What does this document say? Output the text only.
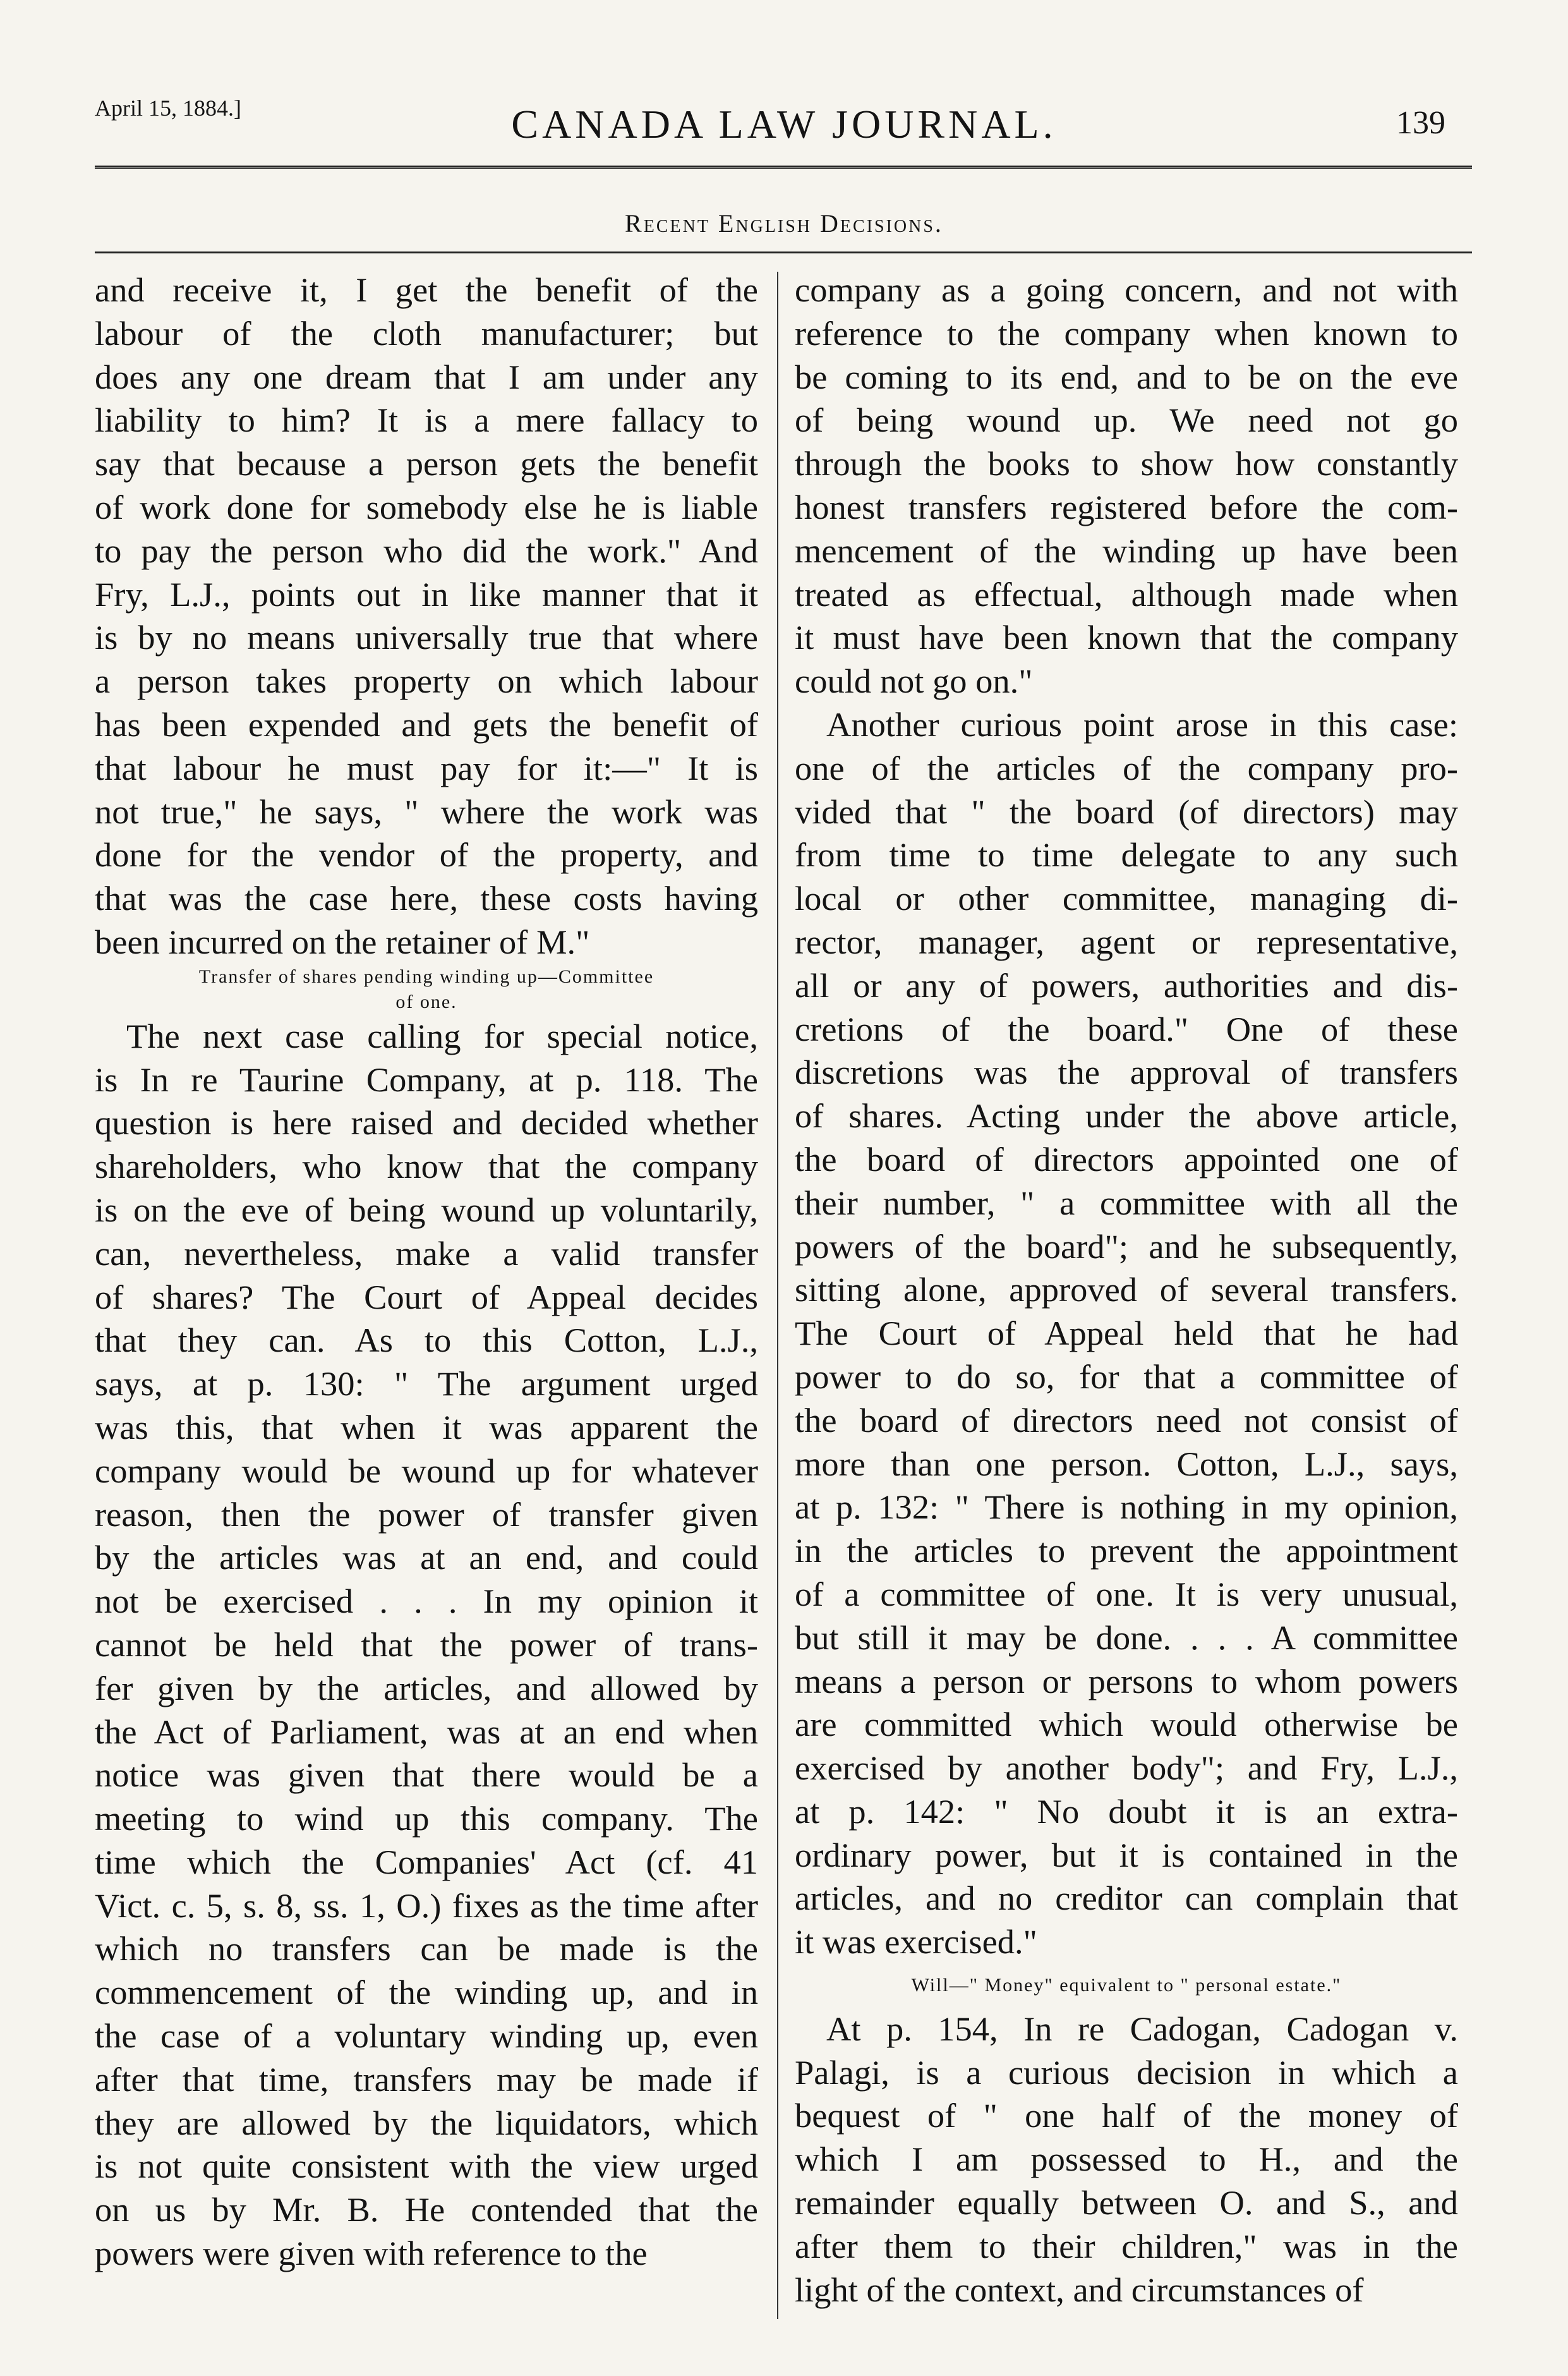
April 15, 1884.]	CANADA LAW JOURNAL.	139
Recent English Decisions.
and receive it, I get the benefit of the
labour of the cloth manufacturer; but
does any one dream that I am under any
liability to him? It is a mere fallacy to
say that because a person gets the benefit
of work done for somebody else he is liable
to pay the person who did the work." And
Fry, L.J., points out in like manner that it
is by no means universally true that where
a person takes property on which labour
has been expended and gets the benefit of
that labour he must pay for it:—" It is
not true," he says, " where the work was
done for the vendor of the property, and
that was the case here, these costs having
been incurred on the retainer of M."
Transfer of shares pending winding up—Committee
of one.
The next case calling for special notice,
is In re Taurine Company, at p. 118. The
question is here raised and decided whether
shareholders, who know that the company
is on the eve of being wound up voluntarily,
can, nevertheless, make a valid transfer
of shares? The Court of Appeal decides
that they can. As to this Cotton, L.J.,
says, at p. 130: " The argument urged
was this, that when it was apparent the
company would be wound up for whatever
reason, then the power of transfer given
by the articles was at an end, and could
not be exercised . . . In my opinion it
cannot be held that the power of trans-
fer given by the articles, and allowed by
the Act of Parliament, was at an end when
notice was given that there would be a
meeting to wind up this company. The
time which the Companies' Act (cf. 41
Vict. c. 5, s. 8, ss. 1, O.) fixes as the time after
which no transfers can be made is the
commencement of the winding up, and in
the case of a voluntary winding up, even
after that time, transfers may be made if
they are allowed by the liquidators, which
is not quite consistent with the view urged
on us by Mr. B. He contended that the
powers were given with reference to the
company as a going concern, and not with
reference to the company when known to
be coming to its end, and to be on the eve
of being wound up. We need not go
through the books to show how constantly
honest transfers registered before the com-
mencement of the winding up have been
treated as effectual, although made when
it must have been known that the company
could not go on."
Another curious point arose in this case:
one of the articles of the company pro-
vided that " the board (of directors) may
from time to time delegate to any such
local or other committee, managing di-
rector, manager, agent or representative,
all or any of powers, authorities and dis-
cretions of the board." One of these
discretions was the approval of transfers
of shares. Acting under the above article,
the board of directors appointed one of
their number, " a committee with all the
powers of the board"; and he subsequently,
sitting alone, approved of several transfers.
The Court of Appeal held that he had
power to do so, for that a committee of
the board of directors need not consist of
more than one person. Cotton, L.J., says,
at p. 132: " There is nothing in my opinion,
in the articles to prevent the appointment
of a committee of one. It is very unusual,
but still it may be done. . . . A committee
means a person or persons to whom powers
are committed which would otherwise be
exercised by another body"; and Fry, L.J.,
at p. 142: " No doubt it is an extra-
ordinary power, but it is contained in the
articles, and no creditor can complain that
it was exercised."
Will—" Money" equivalent to " personal estate."
At p. 154, In re Cadogan, Cadogan v.
Palagi, is a curious decision in which a
bequest of " one half of the money of
which I am possessed to H., and the
remainder equally between O. and S., and
after them to their children," was in the
light of the context, and circumstances of
